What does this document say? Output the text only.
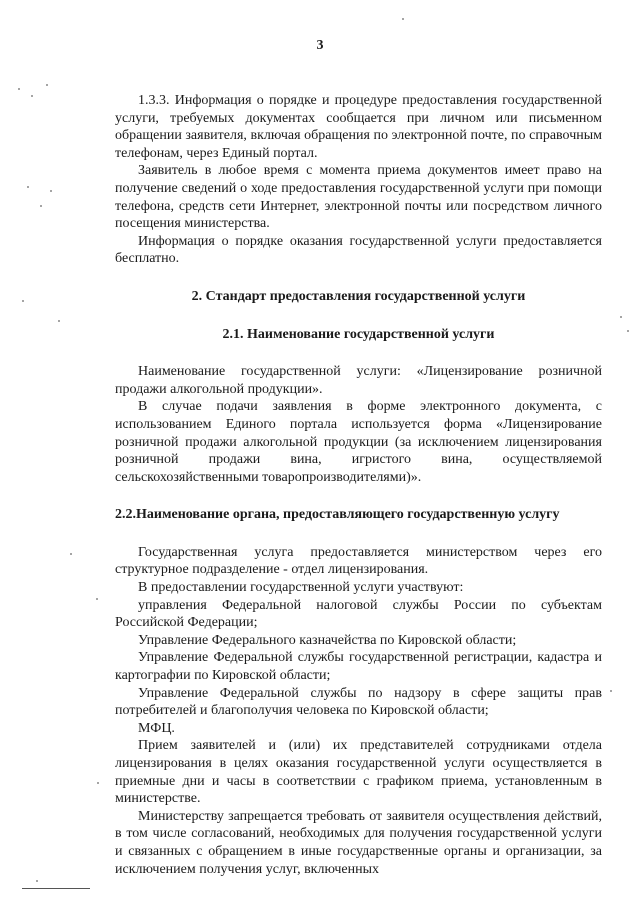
3

1.3.3. Информация о порядке и процедуре предоставления государственной услуги, требуемых документах сообщается при личном или письменном обращении заявителя, включая обращения по электронной почте, по справочным телефонам, через Единый портал.

Заявитель в любое время с момента приема документов имеет право на получение сведений о ходе предоставления государственной услуги при помощи телефона, средств сети Интернет, электронной почты или посредством личного посещения министерства.

Информация о порядке оказания государственной услуги предоставляется бесплатно.

2. Стандарт предоставления государственной услуги

2.1. Наименование государственной услуги

Наименование государственной услуги: «Лицензирование розничной продажи алкогольной продукции».

В случае подачи заявления в форме электронного документа, с использованием Единого портала используется форма «Лицензирование розничной продажи алкогольной продукции (за исключением лицензирования розничной продажи вина, игристого вина, осуществляемой сельскохозяйственными товаропроизводителями)».

2.2.Наименование органа, предоставляющего государственную услугу

Государственная услуга предоставляется министерством через его структурное подразделение - отдел лицензирования.

В предоставлении государственной услуги участвуют:

управления Федеральной налоговой службы России по субъектам Российской Федерации;

Управление Федерального казначейства по Кировской области;

Управление Федеральной службы государственной регистрации, кадастра и картографии по Кировской области;

Управление Федеральной службы по надзору в сфере защиты прав потребителей и благополучия человека по Кировской области;

МФЦ.

Прием заявителей и (или) их представителей сотрудниками отдела лицензирования в целях оказания государственной услуги осуществляется в приемные дни и часы в соответствии с графиком приема, установленным в министерстве.

Министерству запрещается требовать от заявителя осуществления действий, в том числе согласований, необходимых для получения государственной услуги и связанных с обращением в иные государственные органы и организации, за исключением получения услуг, включенных
